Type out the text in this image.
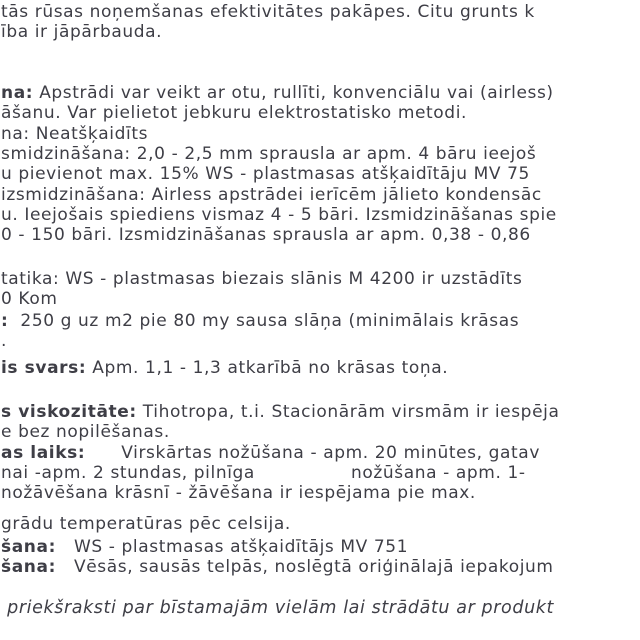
tās rūsas noņemšanas efektivitātes pakāpes. Citu grunts k
ība ir jāpārbauda.
na: Apstrādi var veikt ar otu, rullīti, konvenciālu vai (airless)
āšanu. Var pielietot jebkuru elektrostatisko metodi.
na: Neatšķaidīts
smidzināšana: 2,0 - 2,5 mm sprausla ar apm. 4 bāru ieejoš
u pievienot max. 15% WS - plastmasas atšķaidītāju MV 75
izsmidzināšana: Airless apstrādei ierīcēm jālieto kondensāc
u. Ieejošais spiediens vismaz 4 - 5 bāri. Izsmidzināšanas spie
0 - 150 bāri. Izsmidzināšanas sprausla ar apm. 0,38 - 0,86
tatika: WS - plastmasas biezais slānis M 4200 ir uzstādīts
0 Kom
:  250 g uz m2 pie 80 my sausa slāņa (minimālais krāsas
.
is svars: Apm. 1,1 - 1,3 atkarībā no krāsas toņa.
s viskozitāte: Tihotropa, t.i. Stacionārām virsmām ir iespēja
e bez nopilēšanas.
as laiks:      Virskārtas nožūšana - apm. 20 minūtes, gatav
nai -apm. 2 stundas, pilnīga                nožūšana - apm. 1-
nožāvēšana krāsnī - žāvēšana ir iespējama pie max.
grādu temperatūras pēc celsija.
šana:   WS - plastmasas atšķaidītājs MV 751
šana:   Vēsās, sausās telpās, noslēgtā oriģinālajā iepakojum
priekšraksti par bīstamajām vielām lai strādātu ar produkt
